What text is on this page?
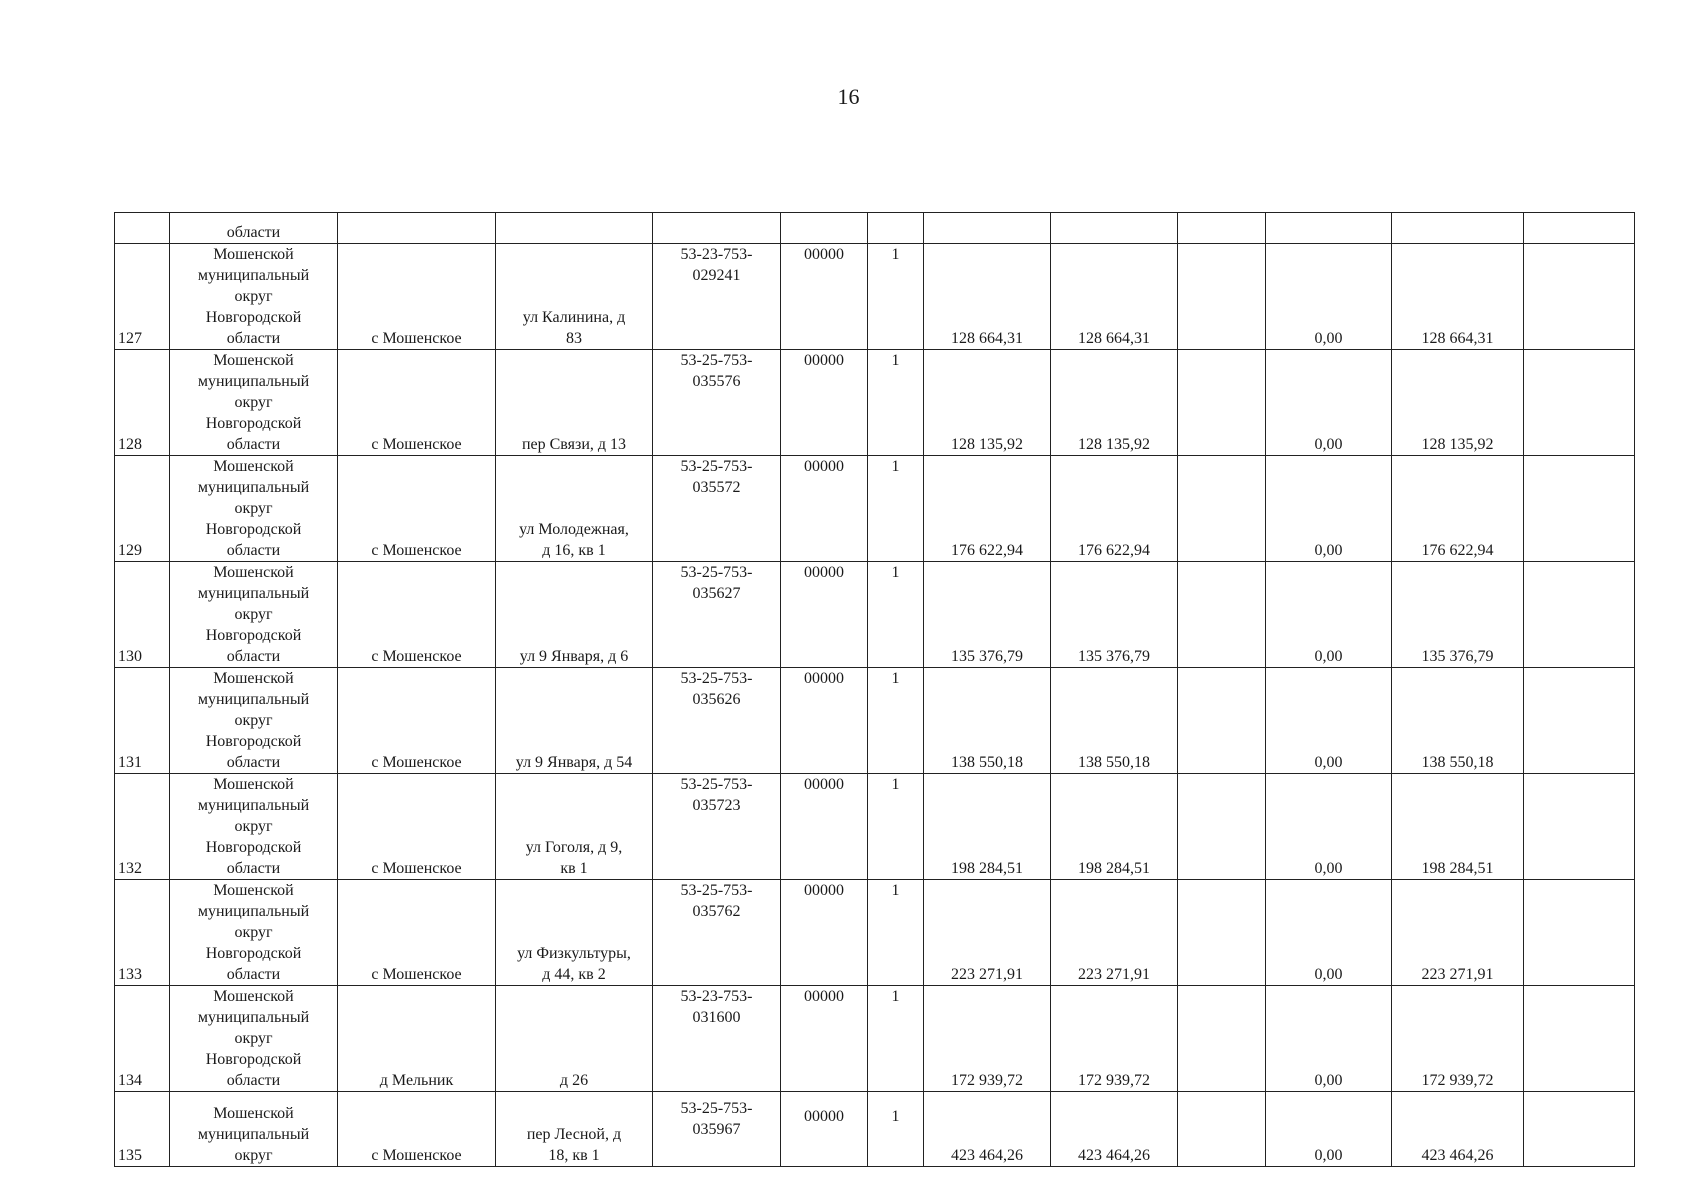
16
	области											
127	Мошенской
муниципальный
округ
Новгородской
области	с Мошенское	ул Калинина, д
83	53-23-753-
029241	00000	1	128 664,31	128 664,31		0,00	128 664,31	
128	Мошенской
муниципальный
округ
Новгородской
области	с Мошенское	пер Связи, д 13	53-25-753-
035576	00000	1	128 135,92	128 135,92		0,00	128 135,92	
129	Мошенской
муниципальный
округ
Новгородской
области	с Мошенское	ул Молодежная,
д 16, кв 1	53-25-753-
035572	00000	1	176 622,94	176 622,94		0,00	176 622,94	
130	Мошенской
муниципальный
округ
Новгородской
области	с Мошенское	ул 9 Января, д 6	53-25-753-
035627	00000	1	135 376,79	135 376,79		0,00	135 376,79	
131	Мошенской
муниципальный
округ
Новгородской
области	с Мошенское	ул 9 Января, д 54	53-25-753-
035626	00000	1	138 550,18	138 550,18		0,00	138 550,18	
132	Мошенской
муниципальный
округ
Новгородской
области	с Мошенское	ул Гоголя, д 9,
кв 1	53-25-753-
035723	00000	1	198 284,51	198 284,51		0,00	198 284,51	
133	Мошенской
муниципальный
округ
Новгородской
области	с Мошенское	ул Физкультуры,
д 44, кв 2	53-25-753-
035762	00000	1	223 271,91	223 271,91		0,00	223 271,91	
134	Мошенской
муниципальный
округ
Новгородской
области	д Мельник	д 26	53-23-753-
031600	00000	1	172 939,72	172 939,72		0,00	172 939,72	
135	Мошенской
муниципальный
округ	с Мошенское	пер Лесной, д
18, кв 1	53-25-753-
035967	00000	1	423 464,26	423 464,26		0,00	423 464,26	
